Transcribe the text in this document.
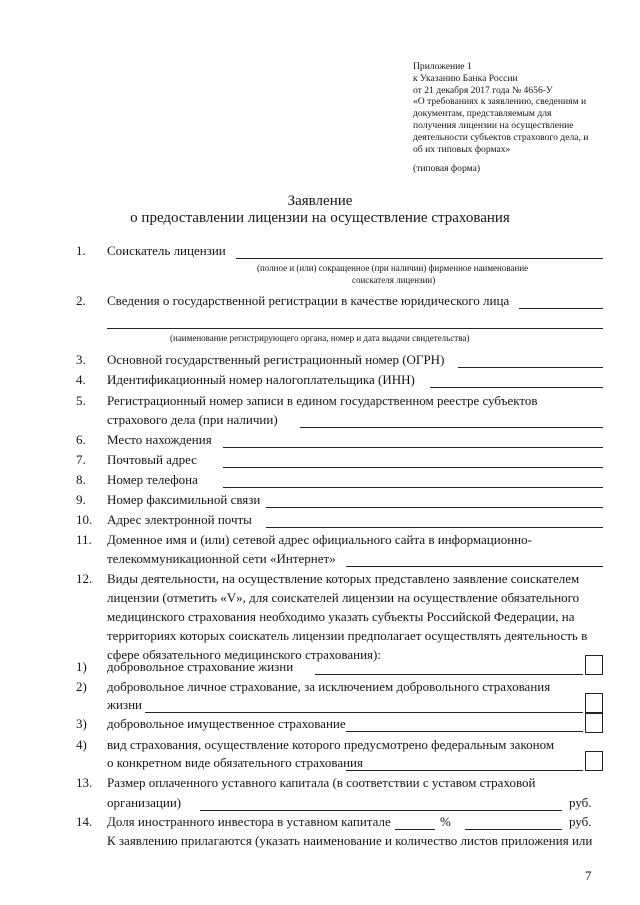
Приложение 1
к Указанию Банка России
от 21 декабря 2017 года № 4656-У
«О требованиях к заявлению, сведениям и
документам, представляемым для
получения лицензии на осуществление
деятельности субъектов страхового дела, и
об их типовых формах»
(типовая форма)
Заявление
о предоставлении лицензии на осуществление страхования
1. Соискатель лицензии
(полное и (или) сокращенное (при наличии) фирменное наименование
соискателя лицензии)
2. Сведения о государственной регистрации в качестве юридического лица
(наименование регистрирующего органа, номер и дата выдачи свидетельства)
3. Основной государственный регистрационный номер (ОГРН)
4. Идентификационный номер налогоплательщика (ИНН)
5. Регистрационный номер записи в едином государственном реестре субъектов
страхового дела (при наличии)
6. Место нахождения
7. Почтовый адрес
8. Номер телефона
9. Номер факсимильной связи
10. Адрес электронной почты
11. Доменное имя и (или) сетевой адрес официального сайта в информационно-
телекоммуникационной сети «Интернет»
12. Виды деятельности, на осуществление которых представлено заявление соискателем
лицензии (отметить «V», для соискателей лицензии на осуществление обязательного
медицинского страхования необходимо указать субъекты Российской Федерации, на
территориях которых соискатель лицензии предполагает осуществлять деятельность в
сфере обязательного медицинского страхования):
1) добровольное страхование жизни
2) добровольное личное страхование, за исключением добровольного страхования
жизни
3) добровольное имущественное страхование
4) вид страхования, осуществление которого предусмотрено федеральным законом
о конкретном виде обязательного страхования
13. Размер оплаченного уставного капитала (в соответствии с уставом страховой
организации)	руб.
14. Доля иностранного инвестора в уставном капитале	%	руб.
К заявлению прилагаются (указать наименование и количество листов приложения или
7
